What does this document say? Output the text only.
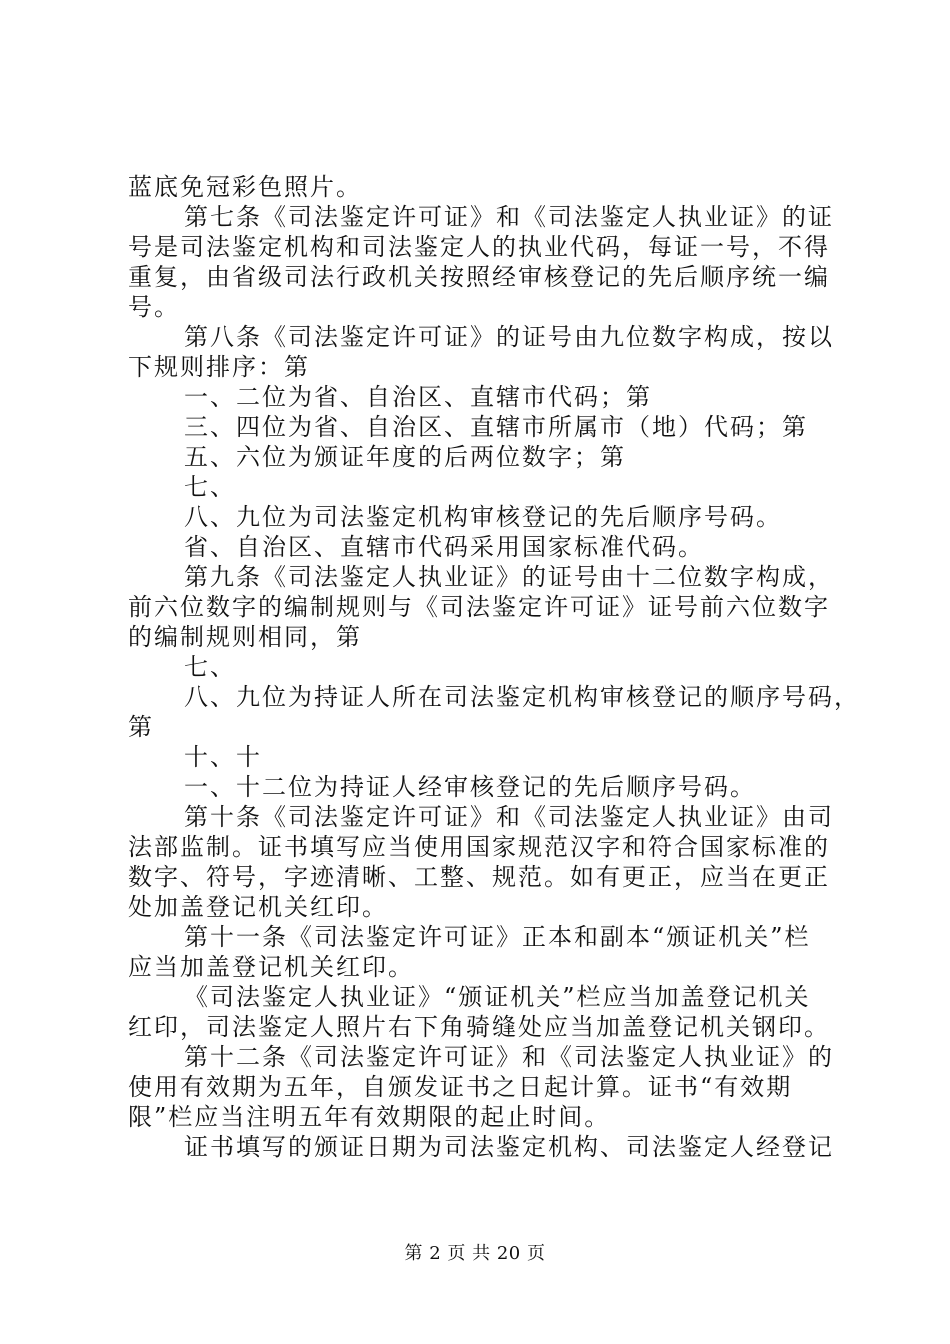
蓝底免冠彩色照片。
第七条《司法鉴定许可证》和《司法鉴定人执业证》的证
号是司法鉴定机构和司法鉴定人的执业代码，每证一号，不得
重复，由省级司法行政机关按照经审核登记的先后顺序统一编
号。
第八条《司法鉴定许可证》的证号由九位数字构成，按以
下规则排序：第
一、二位为省、自治区、直辖市代码；第
三、四位为省、自治区、直辖市所属市（地）代码；第
五、六位为颁证年度的后两位数字；第
七、
八、九位为司法鉴定机构审核登记的先后顺序号码。
省、自治区、直辖市代码采用国家标准代码。
第九条《司法鉴定人执业证》的证号由十二位数字构成，
前六位数字的编制规则与《司法鉴定许可证》证号前六位数字
的编制规则相同，第
七、
八、九位为持证人所在司法鉴定机构审核登记的顺序号码，
第
十、十
一、十二位为持证人经审核登记的先后顺序号码。
第十条《司法鉴定许可证》和《司法鉴定人执业证》由司
法部监制。证书填写应当使用国家规范汉字和符合国家标准的
数字、符号，字迹清晰、工整、规范。如有更正，应当在更正
处加盖登记机关红印。
第十一条《司法鉴定许可证》正本和副本“颁证机关”栏
应当加盖登记机关红印。
《司法鉴定人执业证》“颁证机关”栏应当加盖登记机关
红印，司法鉴定人照片右下角骑缝处应当加盖登记机关钢印。
第十二条《司法鉴定许可证》和《司法鉴定人执业证》的
使用有效期为五年，自颁发证书之日起计算。证书“有效期
限”栏应当注明五年有效期限的起止时间。
证书填写的颁证日期为司法鉴定机构、司法鉴定人经登记
第 2 页 共 20 页
